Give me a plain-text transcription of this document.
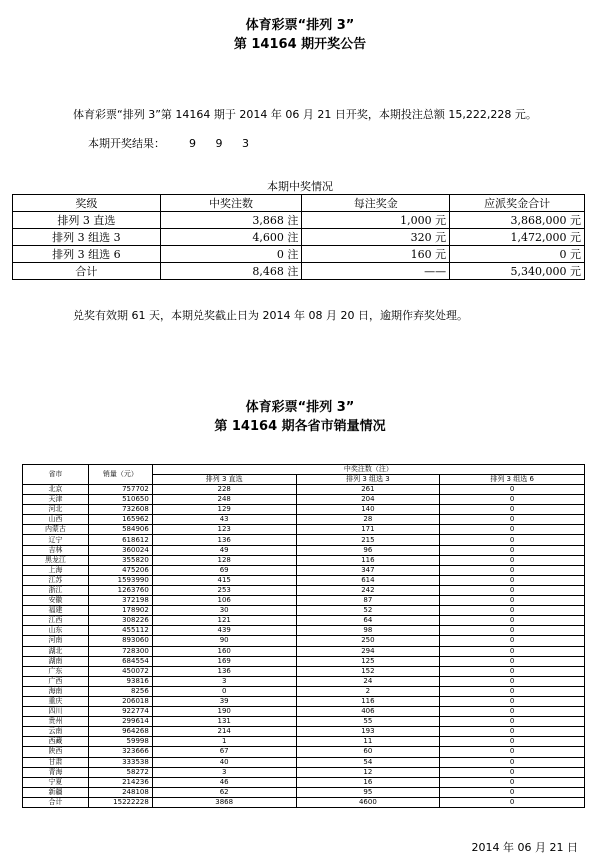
体育彩票“排列 3”
第 14164 期开奖公告
体育彩票“排列 3”第 14164 期于 2014 年 06 月 21 日开奖，本期投注总额 15,222,228 元。
本期开奖结果： 9 9 3
本期中奖情况
奖级	中奖注数	每注奖金	应派奖金合计
排列 3 直选	3,868 注	1,000 元	3,868,000 元
排列 3 组选 3	4,600 注	320 元	1,472,000 元
排列 3 组选 6	0 注	160 元	0 元
合计	8,468 注	——	5,340,000 元
兑奖有效期 61 天，本期兑奖截止日为 2014 年 08 月 20 日，逾期作弃奖处理。
体育彩票“排列 3”
第 14164 期各省市销量情况
省市	销量（元）	中奖注数（注）		
		排列 3 直选	排列 3 组选 3	排列 3 组选 6
北京	757702	228	261	0
天津	510650	248	204	0
河北	732608	129	140	0
山西	165962	43	28	0
内蒙古	584906	123	171	0
辽宁	618612	136	215	0
吉林	360024	49	96	0
黑龙江	355820	128	116	0
上海	475206	69	347	0
江苏	1593990	415	614	0
浙江	1263760	253	242	0
安徽	372198	106	87	0
福建	178902	30	52	0
江西	308226	121	64	0
山东	455112	439	98	0
河南	893060	90	250	0
湖北	728300	160	294	0
湖南	684554	169	125	0
广东	450072	136	152	0
广西	93816	3	24	0
海南	8256	0	2	0
重庆	206018	39	116	0
四川	922774	190	406	0
贵州	299614	131	55	0
云南	964268	214	193	0
西藏	59998	1	11	0
陕西	323666	67	60	0
甘肃	333538	40	54	0
青海	58272	3	12	0
宁夏	214236	46	16	0
新疆	248108	62	95	0
合计	15222228	3868	4600	0
2014 年 06 月 21 日
